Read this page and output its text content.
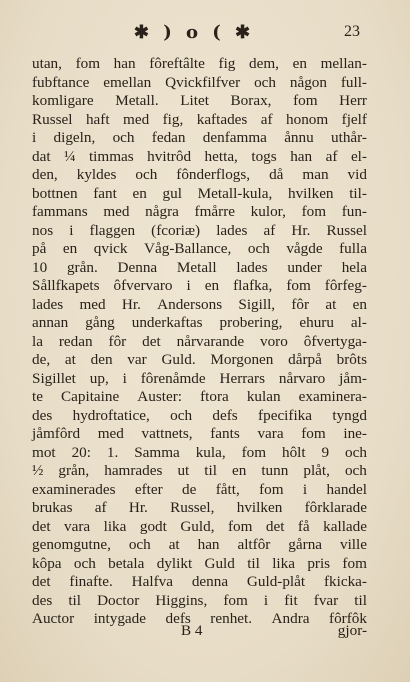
✱ ) o ( ✱	23
utan, fom han fôreftâlte fig dem, en mellan-
fubftance emellan Qvickfilfver och någon full-
komligare Metall. Litet Borax, fom Herr
Russel haft med fig, kaftades af honom fjelf
i digeln, och fedan denfamma ånnu uthår-
dat ¼ timmas hvitrôd hetta, togs han af el-
den, kyldes och fônderflogs, då man vid
bottnen fant en gul Metall-kula, hvilken til-
fammans med några fmårre kulor, fom fun-
nos i flaggen (fcoriæ) lades af Hr. Russel
på en qvick Våg-Ballance, och vågde fulla
10 grån. Denna Metall lades under hela
Sållfkapets ôfvervaro i en flafka, fom fôrfeg-
lades med Hr. Andersons Sigill, fôr at en
annan gång underkaftas probering, ehuru al-
la redan fôr det nårvarande voro ôfvertyga-
de, at den var Guld. Morgonen dårpå brôts
Sigillet up, i fôrenåmde Herrars nårvaro jåm-
te Capitaine Auster: ftora kulan examinera-
des hydroftatice, och defs fpecifika tyngd
jåmfôrd med vattnets, fants vara fom ine-
mot 20: 1. Samma kula, fom hôlt 9 och
½ grån, hamrades ut til en tunn plåt, och
examinerades efter de fått, fom i handel
brukas af Hr. Russel, hvilken fôrklarade
det vara lika godt Guld, fom det få kallade
genomgutne, och at han altfôr gårna ville
kôpa och betala dylikt Guld til lika pris fom
det finafte. Halfva denna Guld-plåt fkicka-
des til Doctor Higgins, fom i fit fvar til
Auctor intygade defs renhet. Andra fôrfôk
B 4	gjor-
